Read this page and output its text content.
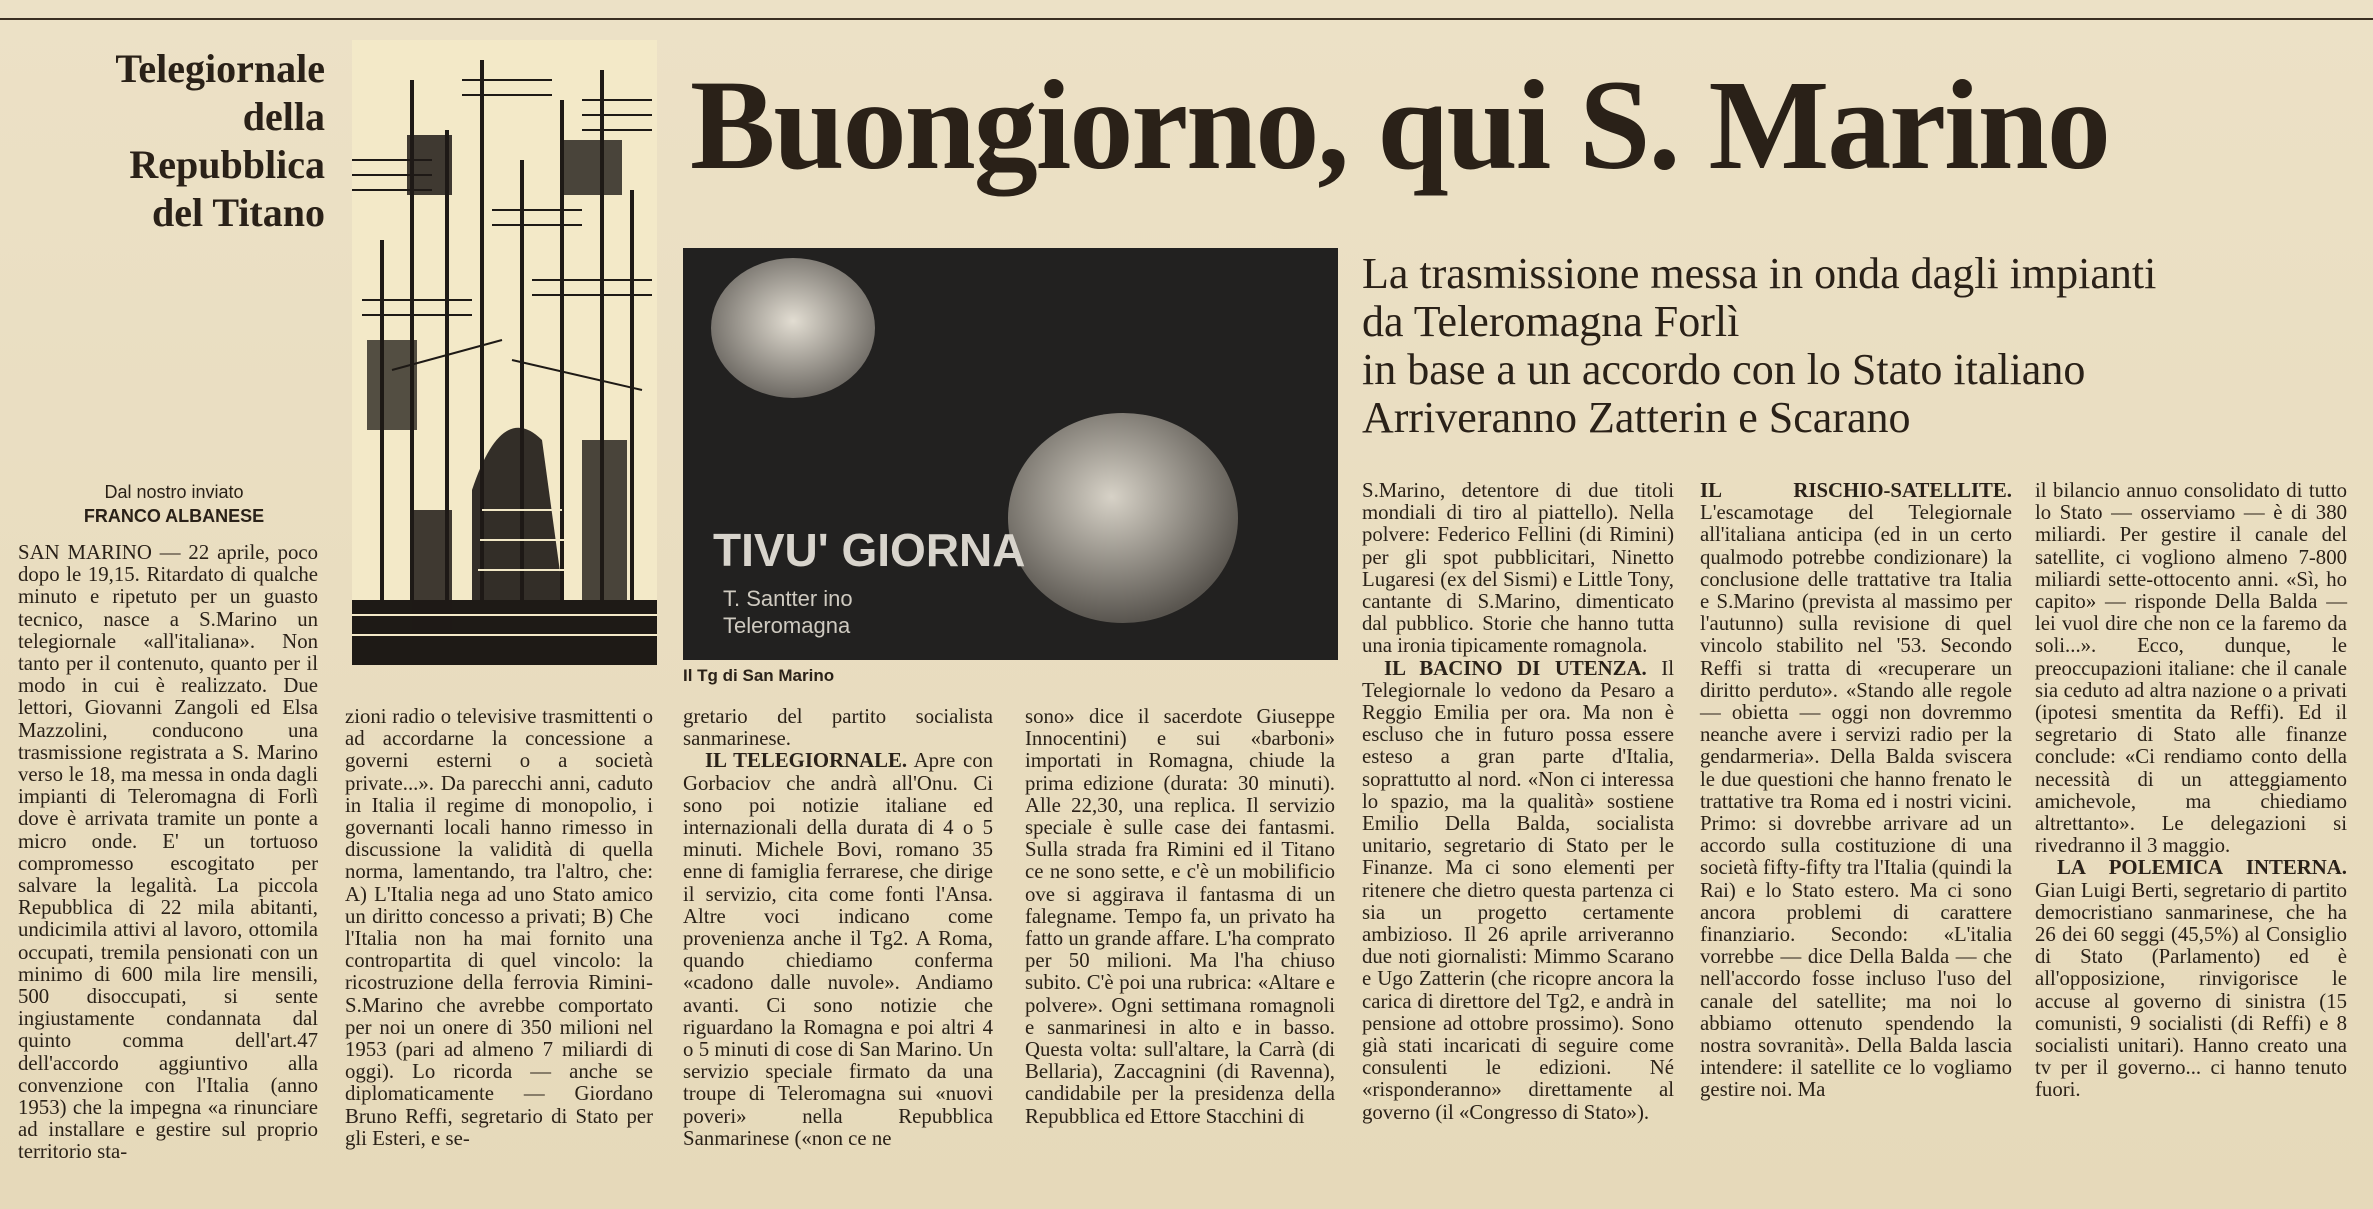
Telegiornale
della
Repubblica
del Titano
Buongiorno, qui S. Marino
TIVU' GIORNA
T. Santter ino
Teleromagna
Il Tg di San Marino
La trasmissione messa in onda dagli impianti
da Teleromagna Forlì
in base a un accordo con lo Stato italiano
Arriveranno Zatterin e Scarano
Dal nostro inviato
FRANCO ALBANESE

SAN MARINO — 22 aprile, poco dopo le 19,15. Ritardato di qualche minuto e ripetuto per un guasto tecnico, nasce a S.Marino un telegiornale «all'italiana». Non tanto per il contenuto, quanto per il modo in cui è realizzato. Due lettori, Giovanni Zangoli ed Elsa Mazzolini, conducono una trasmissione registrata a S. Marino verso le 18, ma messa in onda dagli impianti di Teleromagna di Forlì dove è arrivata tramite un ponte a micro onde. E' un tortuoso compromesso escogitato per salvare la legalità. La piccola Repubblica di 22 mila abitanti, undicimila attivi al lavoro, ottomila occupati, tremila pensionati con un minimo di 600 mila lire mensili, 500 disoccupati, si sente ingiustamente condannata dal quinto comma dell'art.47 dell'accordo aggiuntivo alla convenzione con l'Italia (anno 1953) che la impegna «a rinunciare ad installare e gestire sul proprio territorio sta-

zioni radio o televisive trasmittenti o ad accordarne la concessione a governi esterni o a società private...». Da parecchi anni, caduto in Italia il regime di monopolio, i governanti locali hanno rimesso in discussione la validità di quella norma, lamentando, tra l'altro, che: A) L'Italia nega ad uno Stato amico un diritto concesso a privati; B) Che l'Italia non ha mai fornito una contropartita di quel vincolo: la ricostruzione della ferrovia Rimini-S.Marino che avrebbe comportato per noi un onere di 350 milioni nel 1953 (pari ad almeno 7 miliardi di oggi). Lo ricorda — anche se diplomaticamente — Giordano Bruno Reffi, segretario di Stato per gli Esteri, e se-

gretario del partito socialista sanmarinese.

IL TELEGIORNALE. Apre con Gorbaciov che andrà all'Onu. Ci sono poi notizie italiane ed internazionali della durata di 4 o 5 minuti. Michele Bovi, romano 35 enne di famiglia ferrarese, che dirige il servizio, cita come fonti l'Ansa. Altre voci indicano come provenienza anche il Tg2. A Roma, quando chiediamo conferma «cadono dalle nuvole». Andiamo avanti. Ci sono notizie che riguardano la Romagna e poi altri 4 o 5 minuti di cose di San Marino. Un servizio speciale firmato da una troupe di Teleromagna sui «nuovi poveri» nella Repubblica Sanmarinese («non ce ne

sono» dice il sacerdote Giuseppe Innocentini) e sui «barboni» importati in Romagna, chiude la prima edizione (durata: 30 minuti). Alle 22,30, una replica. Il servizio speciale è sulle case dei fantasmi. Sulla strada fra Rimini ed il Titano ce ne sono sette, e c'è un mobilificio ove si aggirava il fantasma di un falegname. Tempo fa, un privato ha fatto un grande affare. L'ha comprato per 50 milioni. Ma l'ha chiuso subito. C'è poi una rubrica: «Altare e polvere». Ogni settimana romagnoli e sanmarinesi in alto e in basso. Questa volta: sull'altare, la Carrà (di Bellaria), Zaccagnini (di Ravenna), candidabile per la presidenza della Repubblica ed Ettore Stacchini di

S.Marino, detentore di due titoli mondiali di tiro al piattello). Nella polvere: Federico Fellini (di Rimini) per gli spot pubblicitari, Ninetto Lugaresi (ex del Sismi) e Little Tony, cantante di S.Marino, dimenticato dal pubblico. Storie che hanno tutta una ironia tipicamente romagnola.

IL BACINO DI UTENZA. Il Telegiornale lo vedono da Pesaro a Reggio Emilia per ora. Ma non è escluso che in futuro possa essere esteso a gran parte d'Italia, soprattutto al nord. «Non ci interessa lo spazio, ma la qualità» sostiene Emilio Della Balda, socialista unitario, segretario di Stato per le Finanze. Ma ci sono elementi per ritenere che dietro questa partenza ci sia un progetto certamente ambizioso. Il 26 aprile arriveranno due noti giornalisti: Mimmo Scarano e Ugo Zatterin (che ricopre ancora la carica di direttore del Tg2, e andrà in pensione ad ottobre prossimo). Sono già stati incaricati di seguire come consulenti le edizioni. Né «risponderanno» direttamente al governo (il «Congresso di Stato»).

IL RISCHIO-SATELLITE. L'escamotage del Telegiornale all'italiana anticipa (ed in un certo qualmodo potrebbe condizionare) la conclusione delle trattative tra Italia e S.Marino (prevista al massimo per l'autunno) sulla revisione di quel vincolo stabilito nel '53. Secondo Reffi si tratta di «recuperare un diritto perduto». «Stando alle regole — obietta — oggi non dovremmo neanche avere i servizi radio per la gendarmeria». Della Balda sviscera le due questioni che hanno frenato le trattative tra Roma ed i nostri vicini. Primo: si dovrebbe arrivare ad un accordo sulla costituzione di una società fifty-fifty tra l'Italia (quindi la Rai) e lo Stato estero. Ma ci sono ancora problemi di carattere finanziario. Secondo: «L'italia vorrebbe — dice Della Balda — che nell'accordo fosse incluso l'uso del canale del satellite; ma noi lo abbiamo ottenuto spendendo la nostra sovranità». Della Balda lascia intendere: il satellite ce lo vogliamo gestire noi. Ma

il bilancio annuo consolidato di tutto lo Stato — osserviamo — è di 380 miliardi. Per gestire il canale del satellite, ci vogliono almeno 7-800 miliardi sette-ottocento anni. «Sì, ho capito» — risponde Della Balda — lei vuol dire che non ce la faremo da soli...». Ecco, dunque, le preoccupazioni italiane: che il canale sia ceduto ad altra nazione o a privati (ipotesi smentita da Reffi). Ed il segretario di Stato alle finanze conclude: «Ci rendiamo conto della necessità di un atteggiamento amichevole, ma chiediamo altrettanto». Le delegazioni si rivedranno il 3 maggio.

LA POLEMICA INTERNA. Gian Luigi Berti, segretario di partito democristiano sanmarinese, che ha 26 dei 60 seggi (45,5%) al Consiglio di Stato (Parlamento) ed è all'opposizione, rinvigorisce le accuse al governo di sinistra (15 comunisti, 9 socialisti (di Reffi) e 8 socialisti unitari). Hanno creato una tv per il governo... ci hanno tenuto fuori.
